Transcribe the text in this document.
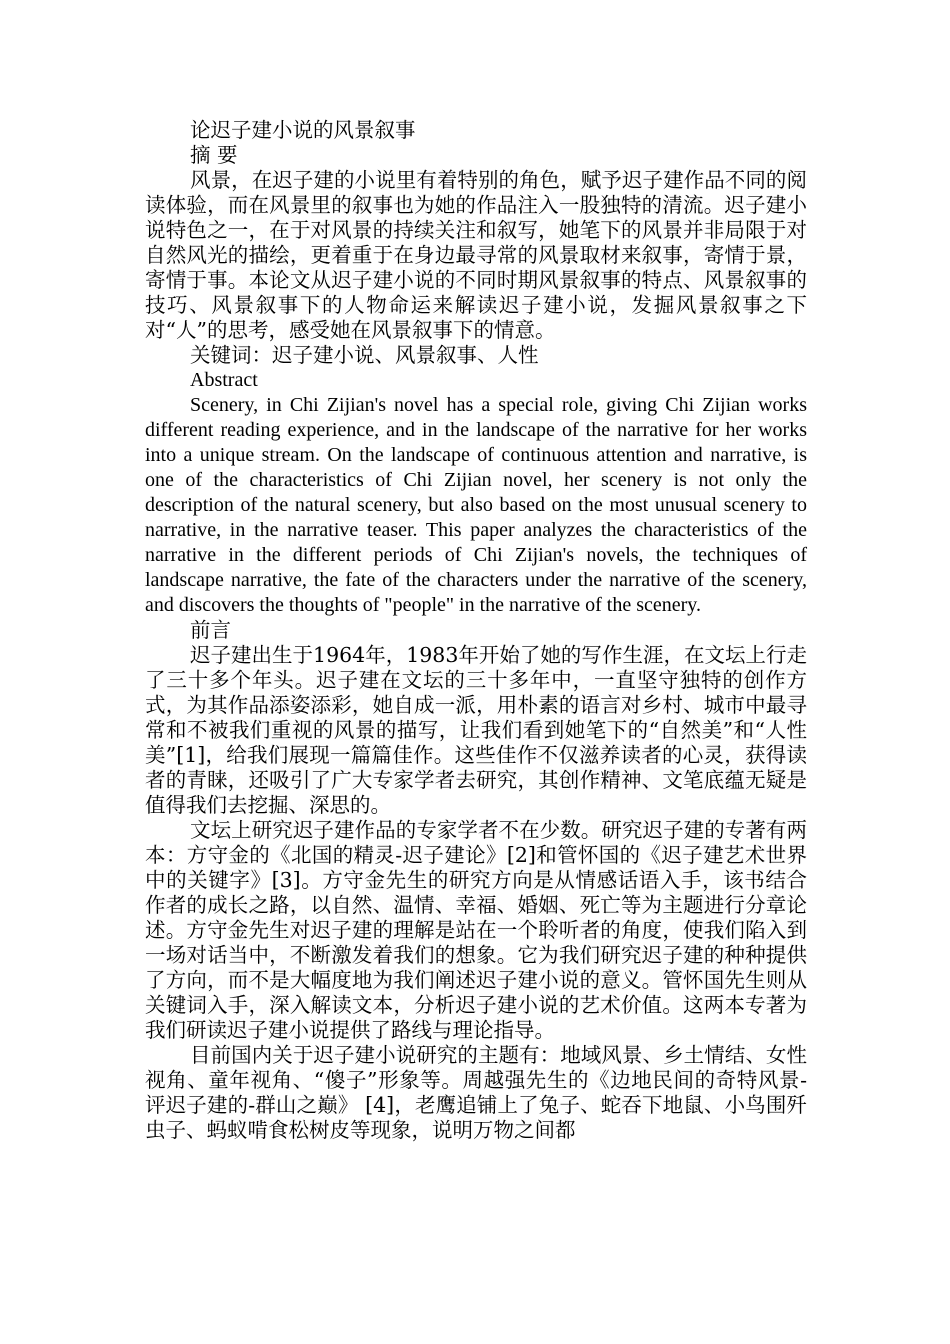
论迟子建小说的风景叙事

摘 要

风景，在迟子建的小说里有着特别的角色，赋予迟子建作品不同的阅读体验，而在风景里的叙事也为她的作品注入一股独特的清流。迟子建小说特色之一，在于对风景的持续关注和叙写，她笔下的风景并非局限于对自然风光的描绘，更着重于在身边最寻常的风景取材来叙事，寄情于景，寄情于事。本论文从迟子建小说的不同时期风景叙事的特点、风景叙事的技巧、风景叙事下的人物命运来解读迟子建小说，发掘风景叙事之下对“人”的思考，感受她在风景叙事下的情意。

关键词：迟子建小说、风景叙事、人性

Abstract

Scenery, in Chi Zijian's novel has a special role, giving Chi Zijian works different reading experience, and in the landscape of the narrative for her works into a unique stream. On the landscape of continuous attention and narrative, is one of the characteristics of Chi Zijian novel, her scenery is not only the description of the natural scenery, but also based on the most unusual scenery to narrative, in the narrative teaser. This paper analyzes the characteristics of the narrative in the different periods of Chi Zijian's novels, the techniques of landscape narrative, the fate of the characters under the narrative of the scenery, and discovers the thoughts of "people" in the narrative of the scenery.

前言

迟子建出生于1964年，1983年开始了她的写作生涯，在文坛上行走了三十多个年头。迟子建在文坛的三十多年中，一直坚守独特的创作方式，为其作品添姿添彩，她自成一派，用朴素的语言对乡村、城市中最寻常和不被我们重视的风景的描写，让我们看到她笔下的“自然美”和“人性美”[1]，给我们展现一篇篇佳作。这些佳作不仅滋养读者的心灵，获得读者的青睐，还吸引了广大专家学者去研究，其创作精神、文笔底蕴无疑是值得我们去挖掘、深思的。

文坛上研究迟子建作品的专家学者不在少数。研究迟子建的专著有两本：方守金的《北国的精灵-迟子建论》[2]和管怀国的《迟子建艺术世界中的关键字》[3]。方守金先生的研究方向是从情感话语入手，该书结合作者的成长之路，以自然、温情、幸福、婚姻、死亡等为主题进行分章论述。方守金先生对迟子建的理解是站在一个聆听者的角度，使我们陷入到一场对话当中，不断激发着我们的想象。它为我们研究迟子建的种种提供了方向，而不是大幅度地为我们阐述迟子建小说的意义。管怀国先生则从关键词入手，深入解读文本，分析迟子建小说的艺术价值。这两本专著为我们研读迟子建小说提供了路线与理论指导。

目前国内关于迟子建小说研究的主题有：地域风景、乡土情结、女性视角、童年视角、“傻子”形象等。周越强先生的《边地民间的奇特风景-评迟子建的-群山之巅》 [4]，老鹰追铺上了兔子、蛇吞下地鼠、小鸟围歼虫子、蚂蚁啃食松树皮等现象，说明万物之间都
